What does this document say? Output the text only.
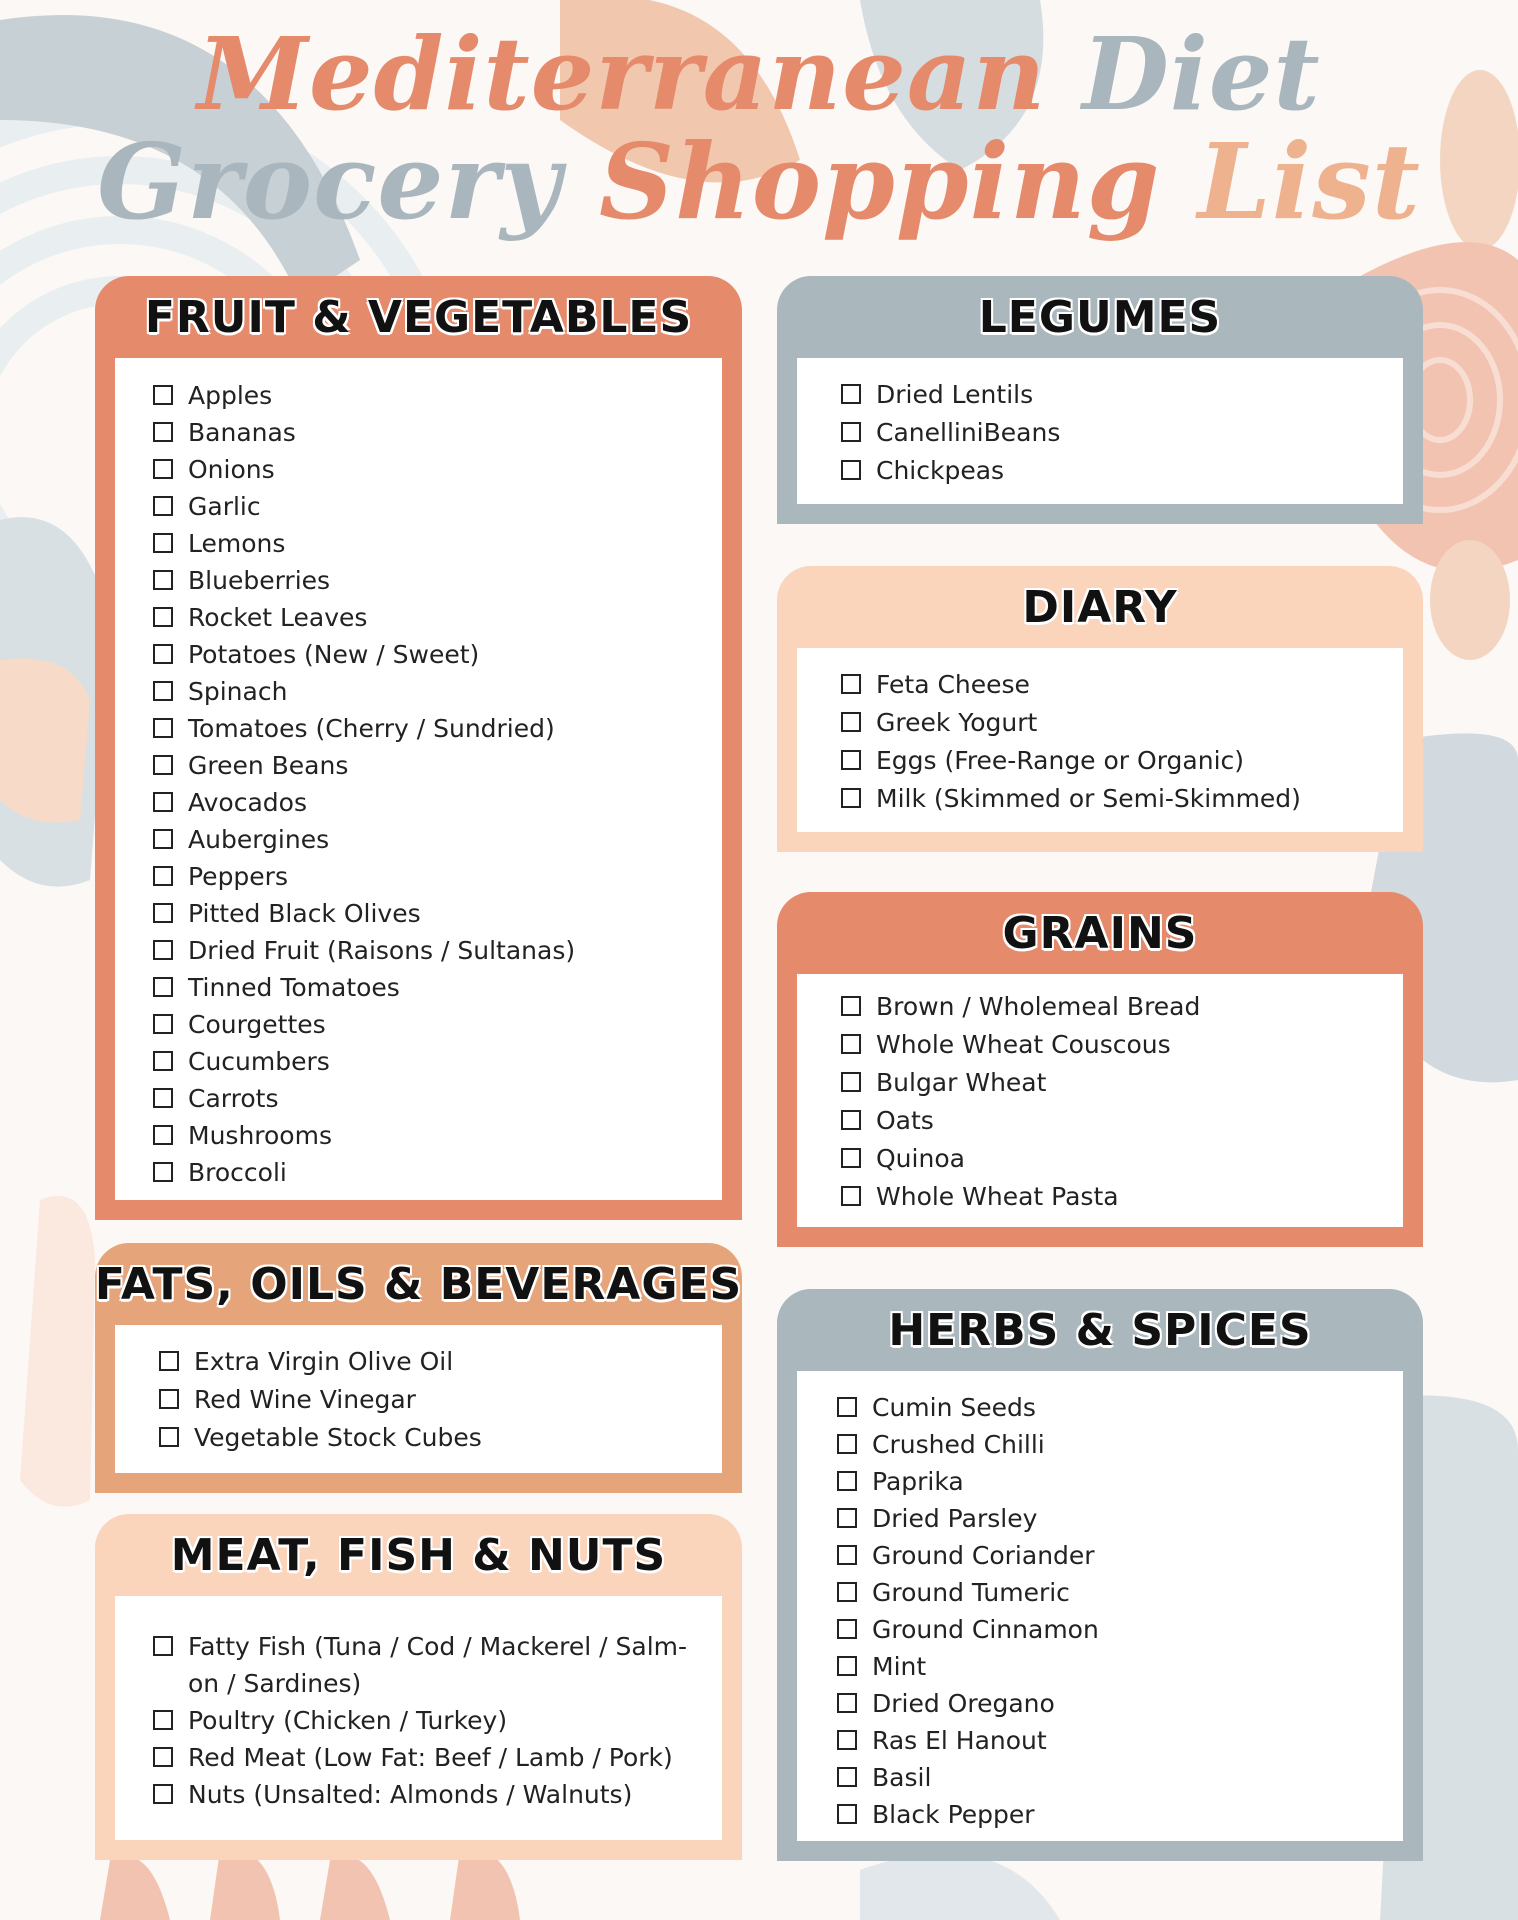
Mediterranean Diet
Grocery Shopping List
FRUIT & VEGETABLES
Apples
Bananas
Onions
Garlic
Lemons
Blueberries
Rocket Leaves
Potatoes (New / Sweet)
Spinach
Tomatoes (Cherry / Sundried)
Green Beans
Avocados
Aubergines
Peppers
Pitted Black Olives
Dried Fruit (Raisons / Sultanas)
Tinned Tomatoes
Courgettes
Cucumbers
Carrots
Mushrooms
Broccoli
LEGUMES
Dried Lentils
CanelliniBeans
Chickpeas
DIARY
Feta Cheese
Greek Yogurt
Eggs (Free-Range or Organic)
Milk (Skimmed or Semi-Skimmed)
GRAINS
Brown / Wholemeal Bread
Whole Wheat Couscous
Bulgar Wheat
Oats
Quinoa
Whole Wheat Pasta
FATS, OILS & BEVERAGES
Extra Virgin Olive Oil
Red Wine Vinegar
Vegetable Stock Cubes
MEAT, FISH & NUTS
Fatty Fish (Tuna / Cod / Mackerel / Salm- on / Sardines)
Poultry (Chicken / Turkey)
Red Meat (Low Fat: Beef / Lamb / Pork)
Nuts (Unsalted: Almonds / Walnuts)
HERBS & SPICES
Cumin Seeds
Crushed Chilli
Paprika
Dried Parsley
Ground Coriander
Ground Tumeric
Ground Cinnamon
Mint
Dried Oregano
Ras El Hanout
Basil
Black Pepper
